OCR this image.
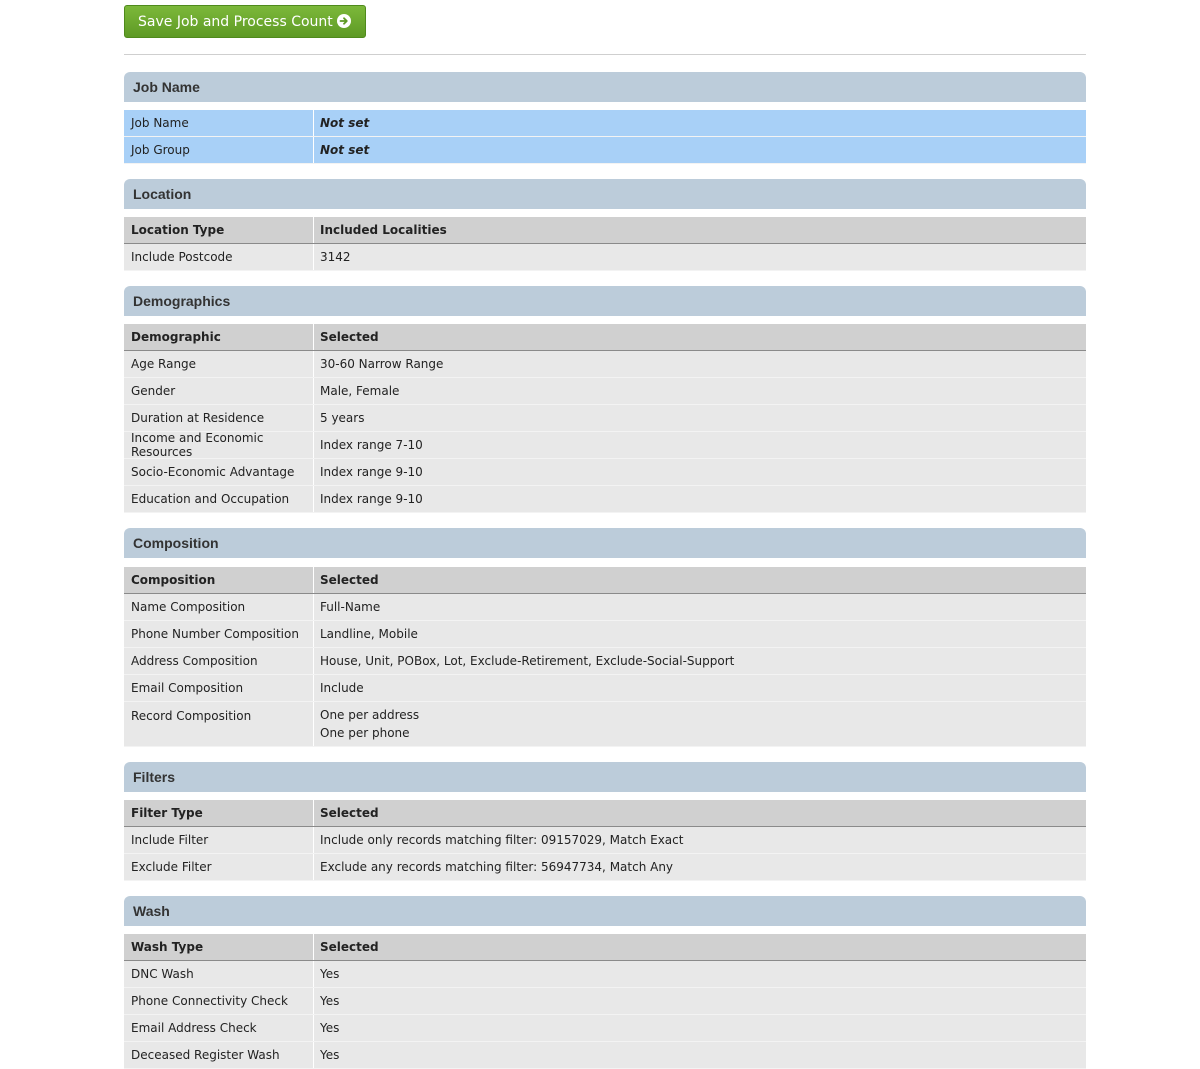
Save Job and Process Count
Job Name
Job Name	Not set
Job Group	Not set
Location
Location Type	Included Localities
Include Postcode	3142
Demographics
Demographic	Selected
Age Range	30-60 Narrow Range
Gender	Male, Female
Duration at Residence	5 years
Income and Economic Resources	Index range 7-10
Socio-Economic Advantage	Index range 9-10
Education and Occupation	Index range 9-10
Composition
Composition	Selected
Name Composition	Full-Name
Phone Number Composition	Landline, Mobile
Address Composition	House, Unit, POBox, Lot, Exclude-Retirement, Exclude-Social-Support
Email Composition	Include
Record Composition	One per address
One per phone
Filters
Filter Type	Selected
Include Filter	Include only records matching filter: 09157029, Match Exact
Exclude Filter	Exclude any records matching filter: 56947734, Match Any
Wash
Wash Type	Selected
DNC Wash	Yes
Phone Connectivity Check	Yes
Email Address Check	Yes
Deceased Register Wash	Yes
